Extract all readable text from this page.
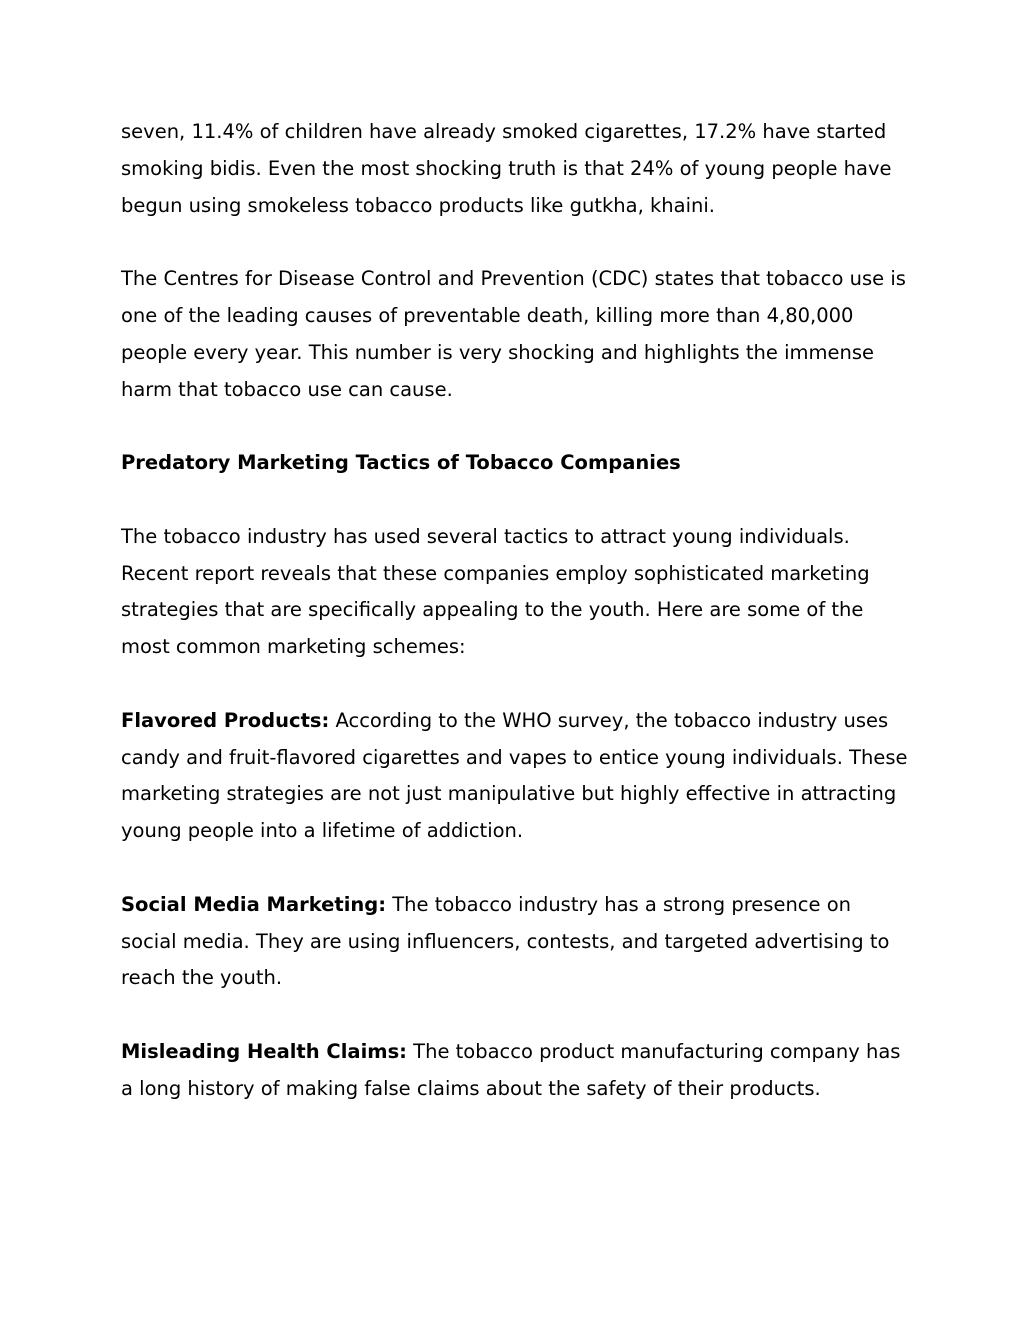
seven, 11.4% of children have already smoked cigarettes, 17.2% have started smoking bidis. Even the most shocking truth is that 24% of young people have begun using smokeless tobacco products like gutkha, khaini.

The Centres for Disease Control and Prevention (CDC) states that tobacco use is one of the leading causes of preventable death, killing more than 4,80,000 people every year. This number is very shocking and highlights the immense harm that tobacco use can cause.

Predatory Marketing Tactics of Tobacco Companies

The tobacco industry has used several tactics to attract young individuals. Recent report reveals that these companies employ sophisticated marketing strategies that are specifically appealing to the youth. Here are some of the most common marketing schemes:

Flavored Products: According to the WHO survey, the tobacco industry uses candy and fruit-flavored cigarettes and vapes to entice young individuals. These marketing strategies are not just manipulative but highly effective in attracting young people into a lifetime of addiction.

Social Media Marketing: The tobacco industry has a strong presence on social media. They are using influencers, contests, and targeted advertising to reach the youth.

Misleading Health Claims: The tobacco product manufacturing company has a long history of making false claims about the safety of their products.
